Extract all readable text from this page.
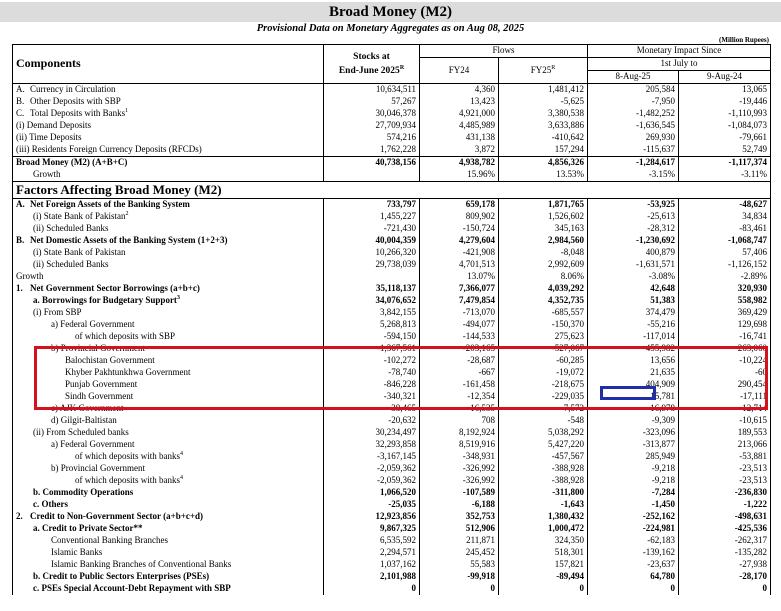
Broad Money (M2)
Provisional Data on Monetary Aggregates as on Aug 08, 2025
(Million Rupees)
Components	Stocks at
End-June $2025^R$	Flows		Monetary Impact Since	
		FY24	$FY25^R$	1st July to	
				8-Aug-25	9-Aug-24

A. Currency in Circulation	10,634,511	4,360	1,481,412	205,584	13,065
B. Other Deposits with SBP	57,267	13,423	-5,625	-7,950	-19,446
C. Total Deposits with Banks$^1$	30,046,378	4,921,000	3,380,538	-1,482,252	-1,110,993
(i) Demand Deposits	27,709,934	4,485,989	3,633,886	-1,636,545	-1,084,073
(ii) Time Deposits	574,216	431,138	-410,642	269,930	-79,661
(iii) Residents Foreign Currency Deposits (RFCDs)	1,762,228	3,872	157,294	-115,637	52,749
Broad Money (M2) (A+B+C)	40,738,156	4,938,782	4,856,326	-1,284,617	-1,117,374
Growth		15.96%	13.53%	-3.15%	-3.11%
Factors Affecting Broad Money (M2)					
A. Net Foreign Assets of the Banking System	733,797	659,178	1,871,765	-53,925	-48,627
(i) State Bank of Pakistan$^2$	1,455,227	809,902	1,526,602	-25,613	34,834
(ii) Scheduled Banks	-721,430	-150,724	345,163	-28,312	-83,461
B. Net Domestic Assets of the Banking System (1+2+3)	40,004,359	4,279,604	2,984,560	-1,230,692	-1,068,747
(i) State Bank of Pakistan	10,266,320	-421,908	-8,048	400,879	57,406
(ii) Scheduled Banks	29,738,039	4,701,513	2,992,609	-1,631,571	-1,126,152
Growth		13.07%	8.06%	-3.08%	-2.89%
1. Net Government Sector Borrowings (a+b+c)	35,118,137	7,366,077	4,039,292	42,648	320,930
a. Borrowings for Budgetary Support$^3$	34,076,652	7,479,854	4,352,735	51,383	558,982
(i) From SBP	3,842,155	-713,070	-685,557	374,479	369,429
a) Federal Government	5,268,813	-494,077	-150,370	-55,216	129,698
of which deposits with SBP	-594,150	-144,533	275,623	-117,014	-16,741
b) Provincial Government	-1,367,561	-203,165	-527,067	455,982	263,060
Balochistan Government	-102,272	-28,687	-60,285	13,656	-10,224
Khyber Pakhtunkhwa Government	-78,740	-667	-19,072	21,635	-60
Punjab Government	-846,228	-161,458	-218,675	404,909	290,454
Sindh Government	-340,321	-12,354	-229,035	15,781	-17,111
c) AJK Government	-38,465	-16,535	-7,572	-16,978	-12,714
d) Gilgit-Baltistan	-20,632	708	-548	-9,309	-10,615
(ii) From Scheduled banks	30,234,497	8,192,924	5,038,292	-323,096	189,553
a) Federal Government	32,293,858	8,519,916	5,427,220	-313,877	213,066
of which deposits with banks$^4$	-3,167,145	-348,931	-457,567	285,949	-53,881
b) Provincial Government	-2,059,362	-326,992	-388,928	-9,218	-23,513
of which deposits with banks$^4$	-2,059,362	-326,992	-388,928	-9,218	-23,513
b. Commodity Operations	1,066,520	-107,589	-311,800	-7,284	-236,830
c. Others	-25,035	-6,188	-1,643	-1,450	-1,222
2. Credit to Non-Government Sector (a+b+c+d)	12,923,856	352,753	1,380,432	-252,162	-498,631
a. Credit to Private Sector**	9,867,325	512,906	1,000,472	-224,981	-425,536
Conventional Banking Branches	6,535,592	211,871	324,350	-62,183	-262,317
Islamic Banks	2,294,571	245,452	518,301	-139,162	-135,282
Islamic Banking Branches of Conventional Banks	1,037,162	55,583	157,821	-23,637	-27,938
b. Credit to Public Sectors Enterprises (PSEs)	2,101,988	-99,918	-89,494	64,780	-28,170
c. PSEs Special Account-Debt Repayment with SBP	0	0	0	0	0
